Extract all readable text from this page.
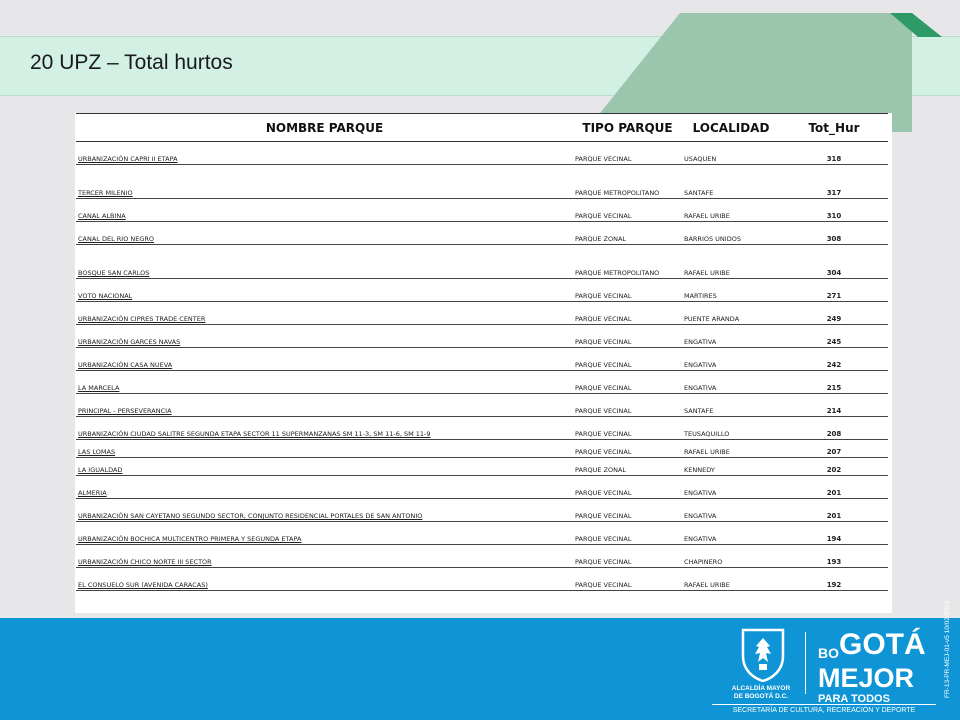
20 UPZ – Total hurtos
NOMBRE PARQUE	TIPO PARQUE	LOCALIDAD	Tot_Hur
URBANIZACIÓN CAPRI II ETAPA	PARQUE VECINAL	USAQUEN	318
TERCER MILENIO	PARQUE METROPOLITANO	SANTAFE	317
CANAL ALBINA	PARQUE VECINAL	RAFAEL URIBE	310
CANAL DEL RIO NEGRO	PARQUE ZONAL	BARRIOS UNIDOS	308
BOSQUE SAN CARLOS	PARQUE METROPOLITANO	RAFAEL URIBE	304
VOTO NACIONAL	PARQUE VECINAL	MARTIRES	271
URBANIZACIÓN CIPRES TRADE CENTER	PARQUE VECINAL	PUENTE ARANDA	249
URBANIZACIÓN GARCES NAVAS	PARQUE VECINAL	ENGATIVA	245
URBANIZACIÓN CASA NUEVA	PARQUE VECINAL	ENGATIVA	242
LA MARCELA	PARQUE VECINAL	ENGATIVA	215
PRINCIPAL - PERSEVERANCIA	PARQUE VECINAL	SANTAFE	214
URBANIZACIÓN CIUDAD SALITRE SEGUNDA ETAPA SECTOR 11 SUPERMANZANAS SM 11-3, SM 11-6, SM 11-9	PARQUE VECINAL	TEUSAQUILLO	208
LAS LOMAS	PARQUE VECINAL	RAFAEL URIBE	207
LA IGUALDAD	PARQUE ZONAL	KENNEDY	202
ALMERIA	PARQUE VECINAL	ENGATIVA	201
URBANIZACIÓN SAN CAYETANO SEGUNDO SECTOR, CONJUNTO RESIDENCIAL PORTALES DE SAN ANTONIO	PARQUE VECINAL	ENGATIVA	201
URBANIZACIÓN BOCHICA MULTICENTRO PRIMERA Y SEGUNDA ETAPA	PARQUE VECINAL	ENGATIVA	194
URBANIZACIÓN CHICO NORTE III SECTOR	PARQUE VECINAL	CHAPINERO	193
EL CONSUELO SUR (AVENIDA CARACAS)	PARQUE VECINAL	RAFAEL URIBE	192
ALCALDÍA MAYOR
DE BOGOTÁ D.C.
BOGOTÁ
MEJOR
PARA TODOS
SECRETARÍA DE CULTURA, RECREACIÓN Y DEPORTE
FR-13-PR-MEJ-01-v5 10/02/2016
